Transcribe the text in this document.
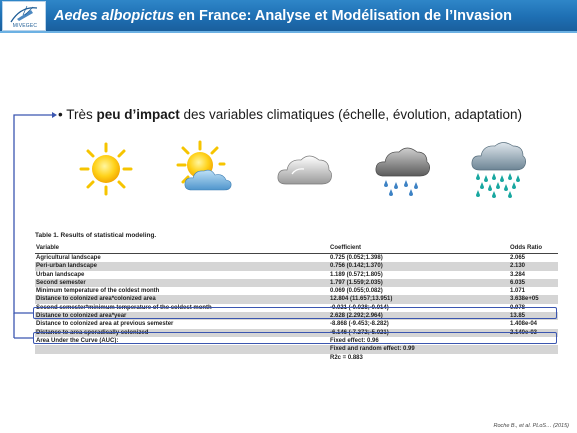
MIVEGEC
Aedes albopictus en France: Analyse et Modélisation de l’Invasion
• Très peu d’impact des variables climatiques (échelle, évolution, adaptation)
Table 1. Results of statistical modeling.
Variable	Coefficient	Odds Ratio
Agricultural landscape	0.725 (0.052;1.398)	2.065
Peri-urban landscape	0.756 (0.142;1.370)	2.130
Urban landscape	1.189 (0.572;1.805)	3.284
Second semester	1.797 (1.559;2.035)	6.035
Minimum temperature of the coldest month	0.069 (0.055;0.082)	1.071
Distance to colonized area*colonized area	12.804 (11.657;13.951)	3.638e+05
Second semester*minimum temperature of the coldest month	-0.021 (-0.028;-0.014)	0.978
Distance to colonized area*year	2.628 (2.292;2.964)	13.85
Distance to colonized area at previous semester	-8.868 (-9.453;-8.282)	1.408e-04
Distance to area sporadically colonized	-6.146 (-7.272;-5.021)	2.140e-03
Area Under the Curve (AUC):	Fixed effect: 0.96	
	Fixed and random effect: 0.99	
	R2c = 0.883	
Roche B., et al. PLoS… (2015)
